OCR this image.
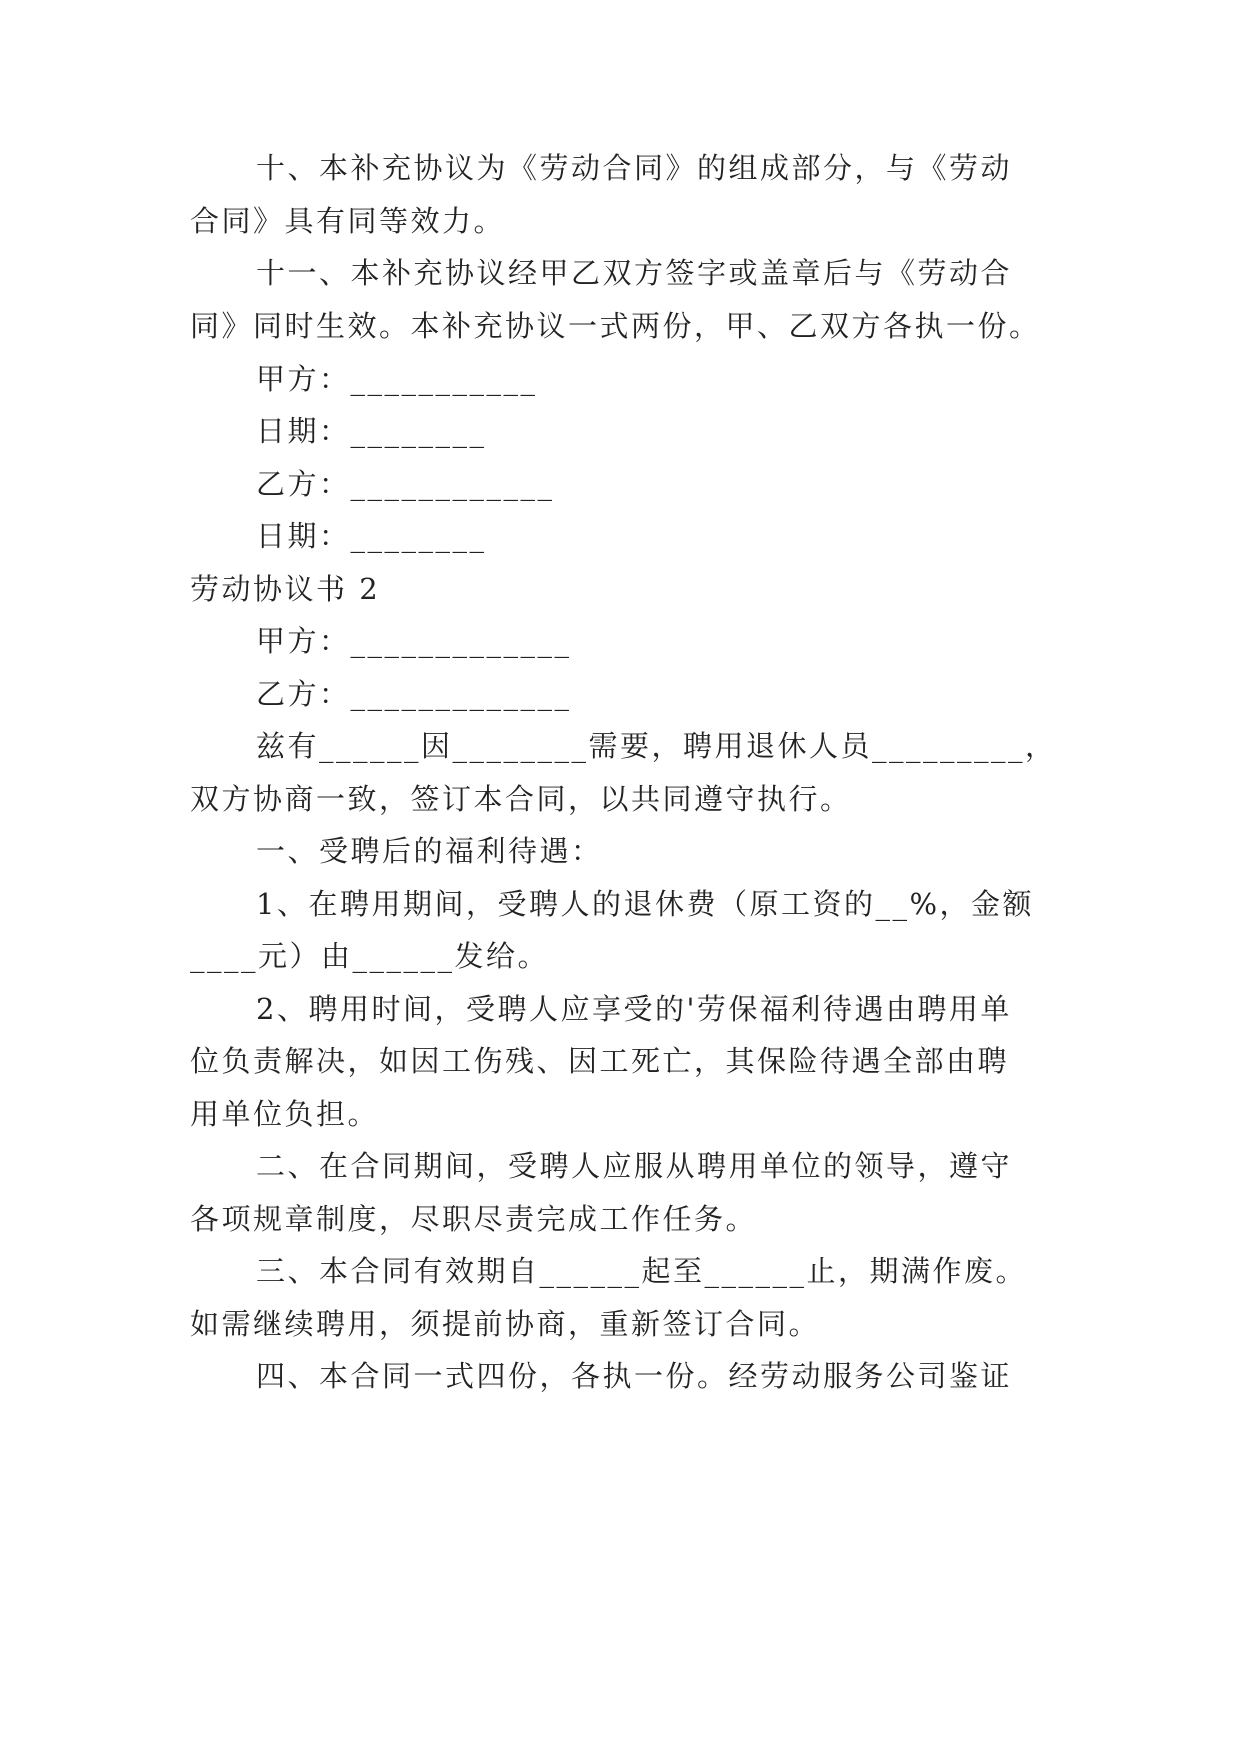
十、本补充协议为《劳动合同》的组成部分，与《劳动
合同》具有同等效力。
十一、本补充协议经甲乙双方签字或盖章后与《劳动合
同》同时生效。本补充协议一式两份，甲、乙双方各执一份。
甲方：___________
日期：________
乙方：____________
日期：________
劳动协议书 2
甲方：_____________
乙方：_____________
兹有______因________需要，聘用退休人员_________，
双方协商一致，签订本合同，以共同遵守执行。
一、受聘后的福利待遇：
1、在聘用期间，受聘人的退休费（原工资的__%，金额
____元）由______发给。
2、聘用时间，受聘人应享受的'劳保福利待遇由聘用单
位负责解决，如因工伤残、因工死亡，其保险待遇全部由聘
用单位负担。
二、在合同期间，受聘人应服从聘用单位的领导，遵守
各项规章制度，尽职尽责完成工作任务。
三、本合同有效期自______起至______止，期满作废。
如需继续聘用，须提前协商，重新签订合同。
四、本合同一式四份，各执一份。经劳动服务公司鉴证
